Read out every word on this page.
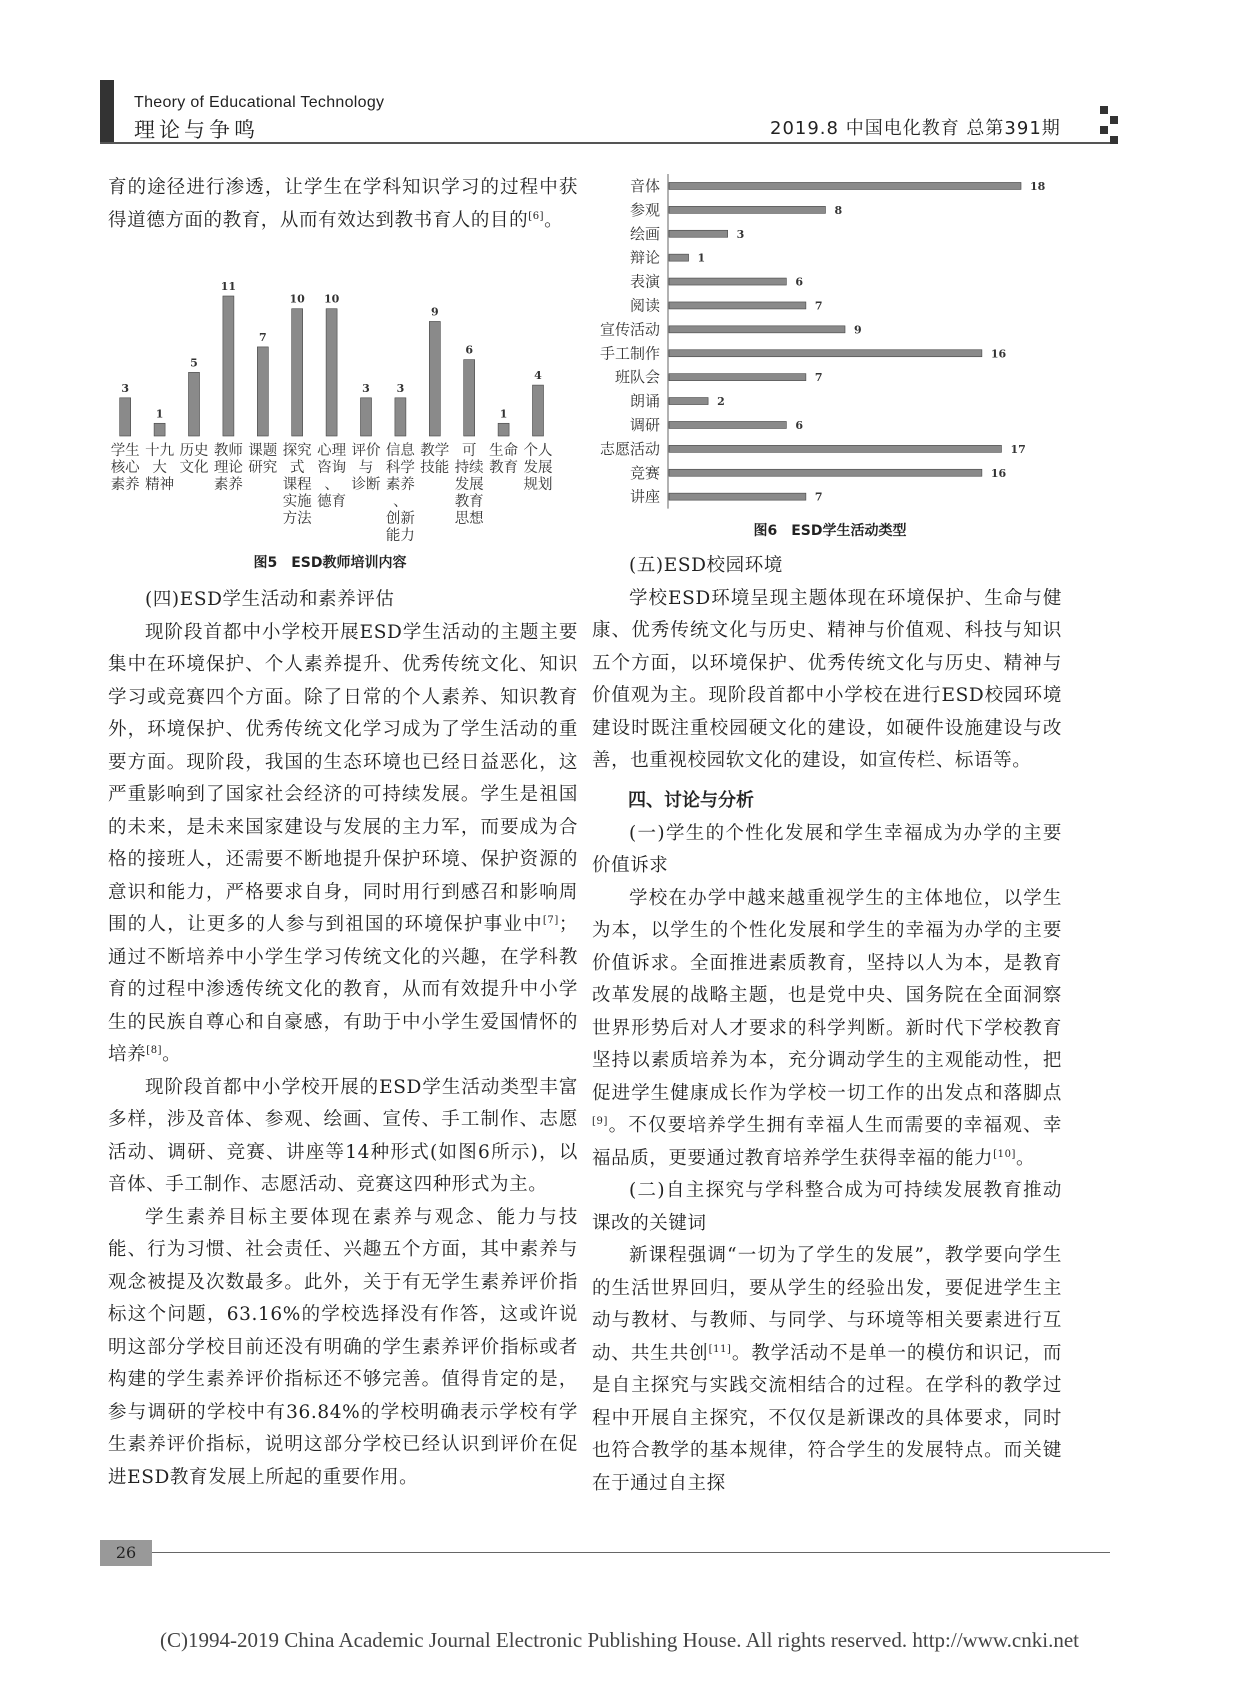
Theory of Educational Technology
理论与争鸣	2019.8 中国电化教育 总第391期

育的途径进行渗透，让学生在学科知识学习的过程中获得道德方面的教育，从而有效达到教书育人的目的[6]。

3
学生
核心
素养
1
十九
大
精神
5
历史
文化
11
教师
理论
素养
7
课题
研究
10
探究
式
课程
实施
方法
10
心理
咨询
、
德育
3
评价
与
诊断
3
信息
科学
素养
、
创新
能力
9
教学
技能
6
可
持续
发展
教育
思想
1
生命
教育
4
个人
发展
规划
图5　ESD教师培训内容

(四)ESD学生活动和素养评估

现阶段首都中小学校开展ESD学生活动的主题主要集中在环境保护、个人素养提升、优秀传统文化、知识学习或竞赛四个方面。除了日常的个人素养、知识教育外，环境保护、优秀传统文化学习成为了学生活动的重要方面。现阶段，我国的生态环境也已经日益恶化，这严重影响到了国家社会经济的可持续发展。学生是祖国的未来，是未来国家建设与发展的主力军，而要成为合格的接班人，还需要不断地提升保护环境、保护资源的意识和能力，严格要求自身，同时用行到感召和影响周围的人，让更多的人参与到祖国的环境保护事业中[7]；通过不断培养中小学生学习传统文化的兴趣，在学科教育的过程中渗透传统文化的教育，从而有效提升中小学生的民族自尊心和自豪感，有助于中小学生爱国情怀的培养[8]。

现阶段首都中小学校开展的ESD学生活动类型丰富多样，涉及音体、参观、绘画、宣传、手工制作、志愿活动、调研、竞赛、讲座等14种形式(如图6所示)，以音体、手工制作、志愿活动、竞赛这四种形式为主。

学生素养目标主要体现在素养与观念、能力与技能、行为习惯、社会责任、兴趣五个方面，其中素养与观念被提及次数最多。此外，关于有无学生素养评价指标这个问题，63.16%的学校选择没有作答，这或许说明这部分学校目前还没有明确的学生素养评价指标或者构建的学生素养评价指标还不够完善。值得肯定的是，参与调研的学校中有36.84%的学校明确表示学校有学生素养评价指标，说明这部分学校已经认识到评价在促进ESD教育发展上所起的重要作用。

音体	18
参观	8
绘画	3
辩论	1
表演	6
阅读	7
宣传活动	9
手工制作	16
班队会	7
朗诵	2
调研	6
志愿活动	17
竞赛	16
讲座	7
图6　ESD学生活动类型

(五)ESD校园环境

学校ESD环境呈现主题体现在环境保护、生命与健康、优秀传统文化与历史、精神与价值观、科技与知识五个方面，以环境保护、优秀传统文化与历史、精神与价值观为主。现阶段首都中小学校在进行ESD校园环境建设时既注重校园硬文化的建设，如硬件设施建设与改善，也重视校园软文化的建设，如宣传栏、标语等。

四、讨论与分析

(一)学生的个性化发展和学生幸福成为办学的主要价值诉求

学校在办学中越来越重视学生的主体地位，以学生为本，以学生的个性化发展和学生的幸福为办学的主要价值诉求。全面推进素质教育，坚持以人为本，是教育改革发展的战略主题，也是党中央、国务院在全面洞察世界形势后对人才要求的科学判断。新时代下学校教育坚持以素质培养为本，充分调动学生的主观能动性，把促进学生健康成长作为学校一切工作的出发点和落脚点[9]。不仅要培养学生拥有幸福人生而需要的幸福观、幸福品质，更要通过教育培养学生获得幸福的能力[10]。

(二)自主探究与学科整合成为可持续发展教育推动课改的关键词

新课程强调“一切为了学生的发展”，教学要向学生的生活世界回归，要从学生的经验出发，要促进学生主动与教材、与教师、与同学、与环境等相关要素进行互动、共生共创[11]。教学活动不是单一的模仿和识记，而是自主探究与实践交流相结合的过程。在学科的教学过程中开展自主探究，不仅仅是新课改的具体要求，同时也符合教学的基本规律，符合学生的发展特点。而关键在于通过自主探

26
(C)1994-2019 China Academic Journal Electronic Publishing House. All rights reserved. http://www.cnki.net
